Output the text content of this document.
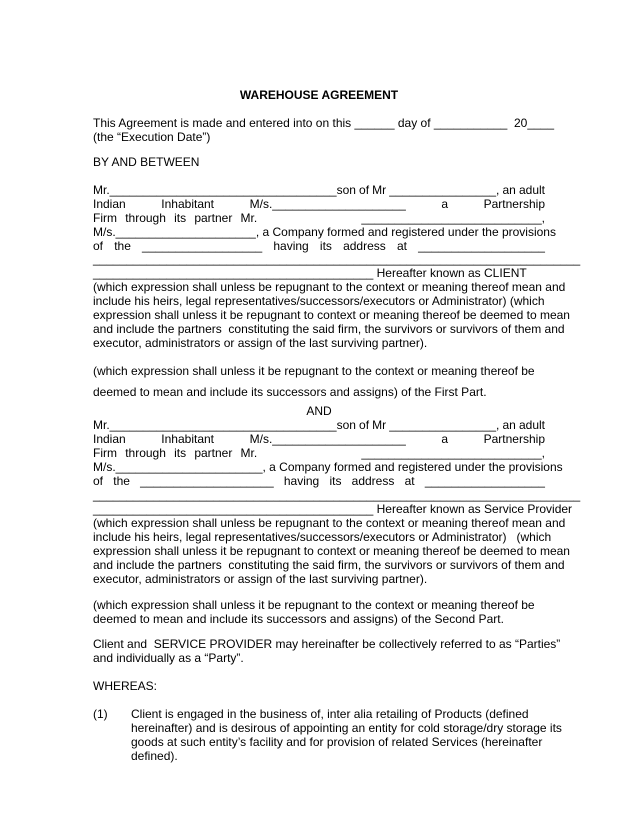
WAREHOUSE AGREEMENT
This Agreement is made and entered into on this ______ day of ___________  20____
(the “Execution Date”)
BY AND BETWEEN
Mr.__________________________________son of Mr ________________, an adult
Indian	Inhabitant	M/s.____________________	a	Partnership
Firm through its partner Mr.	___________________________,
M/s._____________________, a Company formed and registered under the provisions
of the __________________ having its address at ___________________
_________________________________________________________________________
__________________________________________ Hereafter known as CLIENT
(which expression shall unless be repugnant to the context or meaning thereof mean and
include his heirs, legal representatives/successors/executors or Administrator) (which
expression shall unless it be repugnant to context or meaning thereof be deemed to mean
and include the partners  constituting the said firm, the survivors or survivors of them and
executor, administrators or assign of the last surviving partner).
(which expression shall unless it be repugnant to the context or meaning thereof be
deemed to mean and include its successors and assigns) of the First Part.
AND
Mr.__________________________________son of Mr ________________, an adult
Indian	Inhabitant	M/s.____________________	a	Partnership
Firm through its partner Mr.	___________________________,
M/s.______________________, a Company formed and registered under the provisions
of the ____________________ having its address at __________________
_________________________________________________________________________
__________________________________________ Hereafter known as Service Provider
(which expression shall unless be repugnant to the context or meaning thereof mean and
include his heirs, legal representatives/successors/executors or Administrator)   (which
expression shall unless it be repugnant to context or meaning thereof be deemed to mean
and include the partners  constituting the said firm, the survivors or survivors of them and
executor, administrators or assign of the last surviving partner).
(which expression shall unless it be repugnant to the context or meaning thereof be
deemed to mean and include its successors and assigns) of the Second Part.
Client and  SERVICE PROVIDER may hereinafter be collectively referred to as “Parties”
and individually as a “Party”.
WHEREAS:
(1) Client is engaged in the business of, inter alia retailing of Products (defined
hereinafter) and is desirous of appointing an entity for cold storage/dry storage its
goods at such entity’s facility and for provision of related Services (hereinafter
defined).
